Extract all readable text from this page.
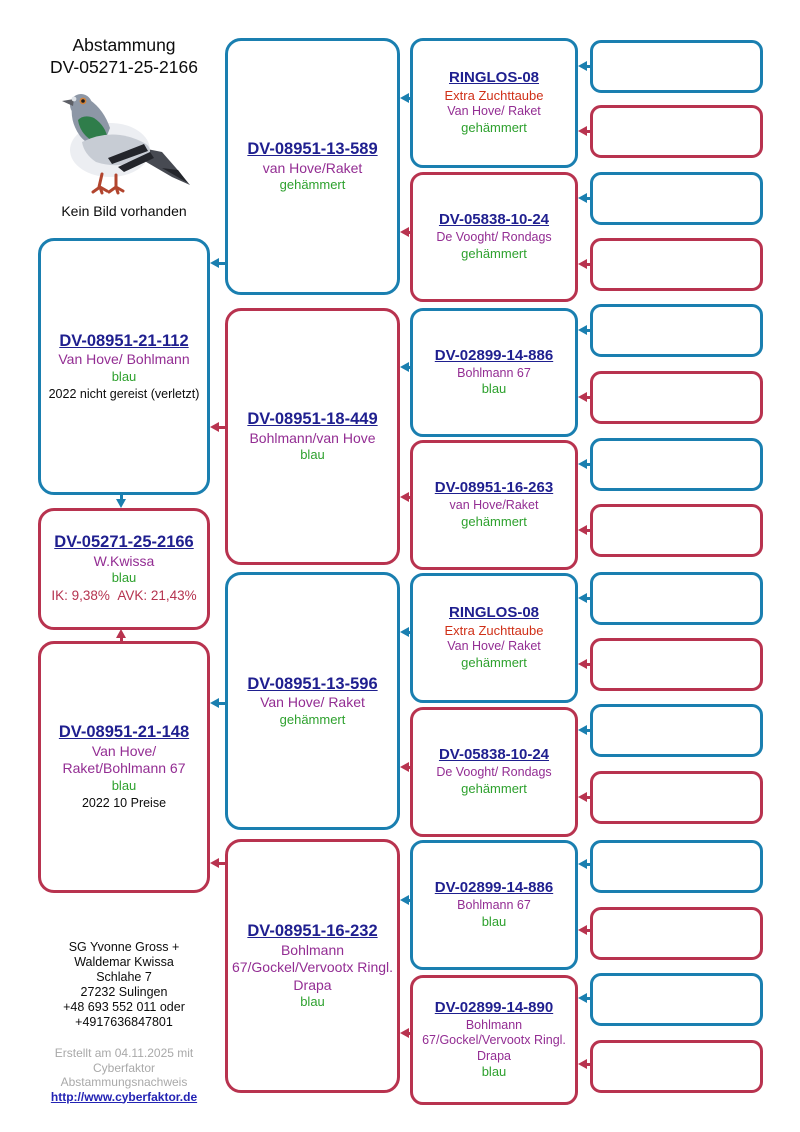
Abstammung
DV-05271-25-2166
Kein Bild vorhanden
SG Yvonne Gross +
Waldemar Kwissa
Schlahe 7
27232 Sulingen
+48 693 552 011 oder
+4917636847801
Erstellt am 04.11.2025 mit
Cyberfaktor
Abstammungsnachweis
http://www.cyberfaktor.de
DV-08951-21-112
Van Hove/ Bohlmann
blau
2022 nicht gereist (verletzt)
DV-05271-25-2166
W.Kwissa
blau
IK: 9,38%  AVK: 21,43%
DV-08951-21-148
Van Hove/
Raket/Bohlmann 67
blau
2022 10 Preise
DV-08951-13-589
van Hove/Raket
gehämmert
DV-08951-18-449
Bohlmann/van Hove
blau
DV-08951-13-596
Van Hove/ Raket
gehämmert
DV-08951-16-232
Bohlmann
67/Gockel/Vervootx Ringl.
Drapa
blau
RINGLOS-08
Extra Zuchttaube
Van Hove/ Raket
gehämmert
DV-05838-10-24
De Vooght/ Rondags
gehämmert
DV-02899-14-886
Bohlmann 67
blau
DV-08951-16-263
van Hove/Raket
gehämmert
RINGLOS-08
Extra Zuchttaube
Van Hove/ Raket
gehämmert
DV-05838-10-24
De Vooght/ Rondags
gehämmert
DV-02899-14-886
Bohlmann 67
blau
DV-02899-14-890
Bohlmann
67/Gockel/Vervootx Ringl.
Drapa
blau
